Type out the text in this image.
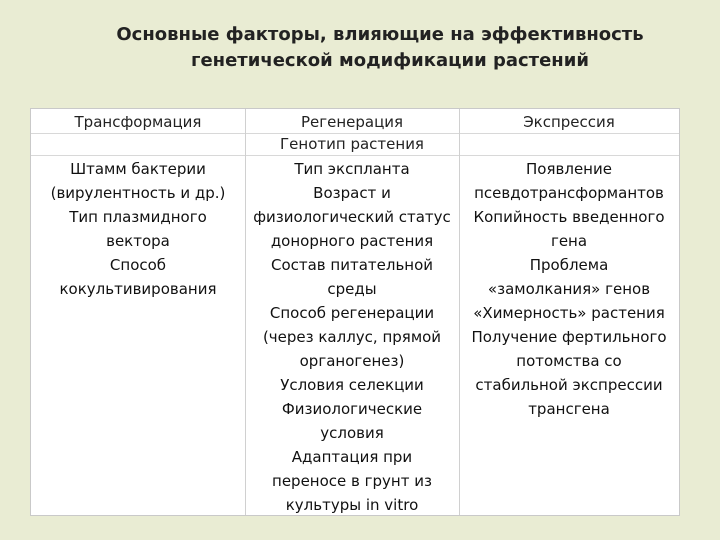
Основные факторы, влияющие на эффективность
генетической модификации растений
Трансформация	Регенерация	Экспрессия
Генотип растения
Штамм бактерии
(вирулентность и др.)
Тип плазмидного
вектора
Способ
кокультивирования
Тип экспланта
Возраст и
физиологический статус
донорного растения
Состав питательной
среды
Способ регенерации
(через каллус, прямой
органогенез)
Условия селекции
Физиологические
условия
Адаптация при
переносе в грунт из
культуры in vitro
Появление
псевдотрансформантов
Копийность введенного
гена
Проблема
«замолкания» генов
«Химерность» растения
Получение фертильного
потомства со
стабильной экспрессии
трансгена
